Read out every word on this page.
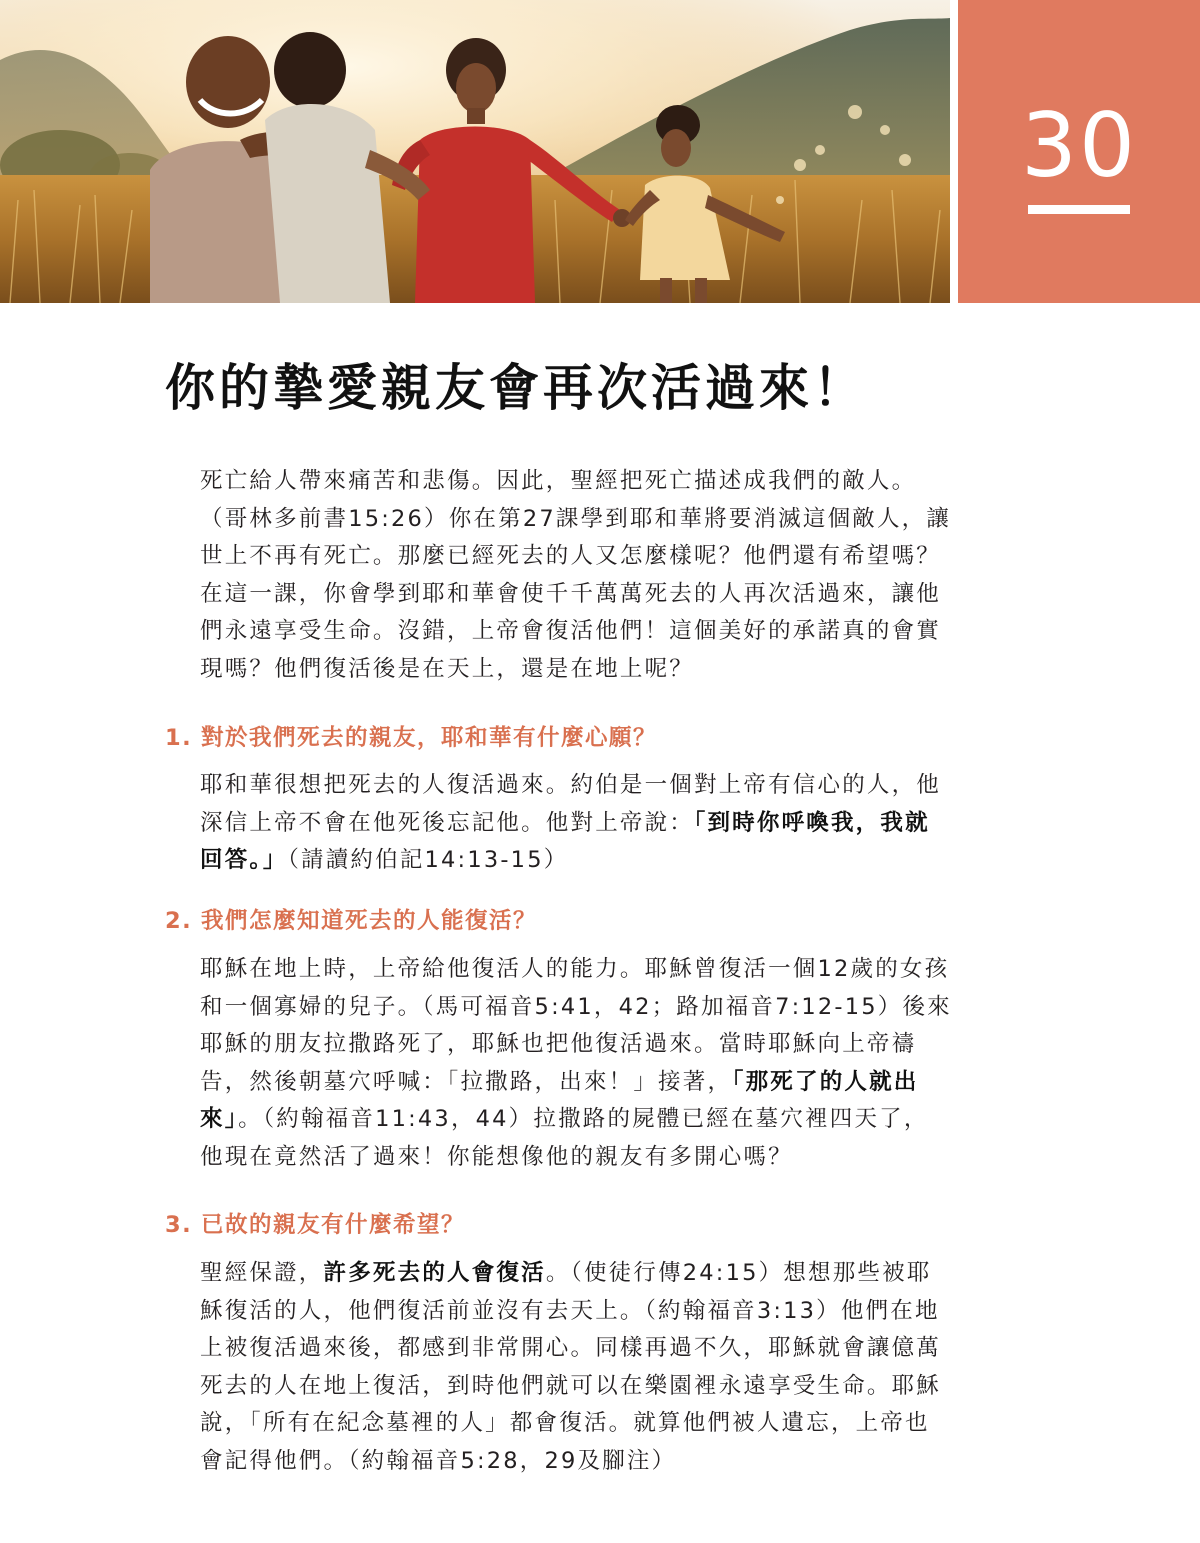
30
你的摯愛親友會再次活過來！

死亡給人帶來痛苦和悲傷。因此，聖經把死亡描述成我們的敵人。（哥林多前書15:26）你在第27課學到耶和華將要消滅這個敵人，讓世上不再有死亡。那麼已經死去的人又怎麼樣呢？他們還有希望嗎？在這一課，你會學到耶和華會使千千萬萬死去的人再次活過來，讓他們永遠享受生命。沒錯，上帝會復活他們！這個美好的承諾真的會實現嗎？他們復活後是在天上，還是在地上呢？

1. 對於我們死去的親友，耶和華有什麼心願？

耶和華很想把死去的人復活過來。約伯是一個對上帝有信心的人，他深信上帝不會在他死後忘記他。他對上帝說：「到時你呼喚我，我就回答。」（請讀約伯記14:13-15）

2. 我們怎麼知道死去的人能復活？

耶穌在地上時，上帝給他復活人的能力。耶穌曾復活一個12歲的女孩和一個寡婦的兒子。（馬可福音5:41，42；路加福音7:12-15）後來耶穌的朋友拉撒路死了，耶穌也把他復活過來。當時耶穌向上帝禱告，然後朝墓穴呼喊：「拉撒路，出來！」接著，「那死了的人就出來」。（約翰福音11:43，44）拉撒路的屍體已經在墓穴裡四天了，他現在竟然活了過來！你能想像他的親友有多開心嗎？

3. 已故的親友有什麼希望？

聖經保證，許多死去的人會復活。（使徒行傳24:15）想想那些被耶穌復活的人，他們復活前並沒有去天上。（約翰福音3:13）他們在地上被復活過來後，都感到非常開心。同樣再過不久，耶穌就會讓億萬死去的人在地上復活，到時他們就可以在樂園裡永遠享受生命。耶穌說，「所有在紀念墓裡的人」都會復活。就算他們被人遺忘，上帝也會記得他們。（約翰福音5:28，29及腳注）
